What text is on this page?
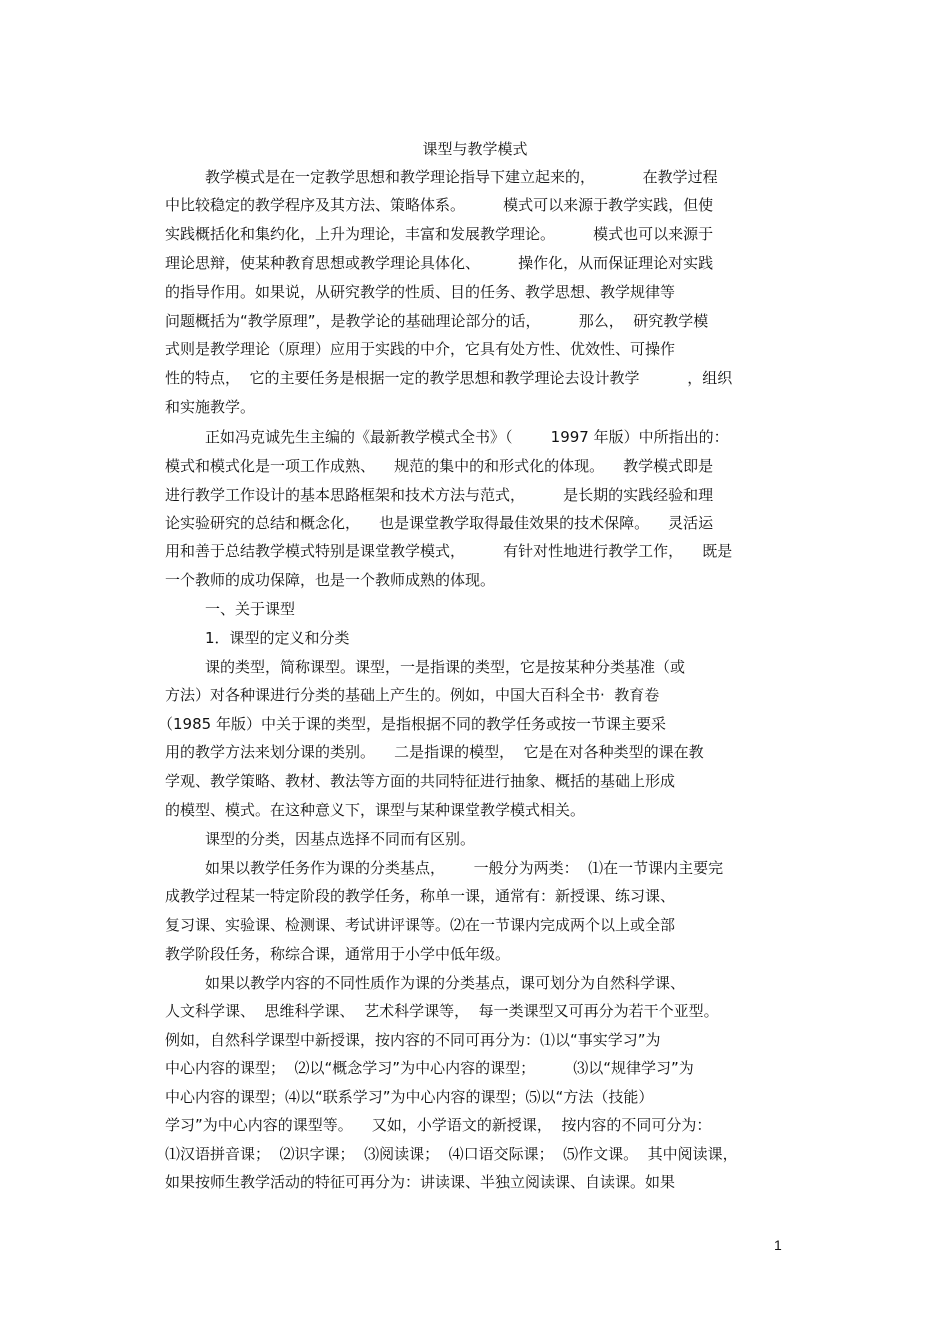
课型与教学模式
教学模式是在一定教学思想和教学理论指导下建立起来的，          在教学过程
中比较稳定的教学程序及其方法、策略体系。        模式可以来源于教学实践，但使
实践概括化和集约化，上升为理论，丰富和发展教学理论。        模式也可以来源于
理论思辩，使某种教育思想或教学理论具体化、        操作化，从而保证理论对实践
的指导作用。如果说，从研究教学的性质、目的任务、教学思想、教学规律等
问题概括为“教学原理”，是教学论的基础理论部分的话，        那么，  研究教学模
式则是教学理论（原理）应用于实践的中介，它具有处方性、优效性、可操作
性的特点，  它的主要任务是根据一定的教学思想和教学理论去设计教学          ，组织
和实施教学。
正如冯克诚先生主编的《最新教学模式全书》（        1997 年版）中所指出的：
模式和模式化是一项工作成熟、    规范的集中的和形式化的体现。    教学模式即是
进行教学工作设计的基本思路框架和技术方法与范式，        是长期的实践经验和理
论实验研究的总结和概念化，    也是课堂教学取得最佳效果的技术保障。    灵活运
用和善于总结教学模式特别是课堂教学模式，        有针对性地进行教学工作，    既是
一个教师的成功保障，也是一个教师成熟的体现。
一、关于课型
1．课型的定义和分类
课的类型，简称课型。课型，一是指课的类型，它是按某种分类基准（或
方法）对各种课进行分类的基础上产生的。例如，中国大百科全书·  教育卷
（1985 年版）中关于课的类型，是指根据不同的教学任务或按一节课主要采
用的教学方法来划分课的类别。    二是指课的模型，  它是在对各种类型的课在教
学观、教学策略、教材、教法等方面的共同特征进行抽象、概括的基础上形成
的模型、模式。在这种意义下，课型与某种课堂教学模式相关。
课型的分类，因基点选择不同而有区别。
如果以教学任务作为课的分类基点，      一般分为两类：  ⑴在一节课内主要完
成教学过程某一特定阶段的教学任务，称单一课，通常有：新授课、练习课、
复习课、实验课、检测课、考试讲评课等。⑵在一节课内完成两个以上或全部
教学阶段任务，称综合课，通常用于小学中低年级。
如果以教学内容的不同性质作为课的分类基点，课可划分为自然科学课、
人文科学课、  思维科学课、  艺术科学课等，  每一类课型又可再分为若干个亚型。
例如，自然科学课型中新授课，按内容的不同可再分为：⑴以“事实学习”为
中心内容的课型；  ⑵以“概念学习”为中心内容的课型；        ⑶以“规律学习”为
中心内容的课型；⑷以“联系学习”为中心内容的课型；⑸以“方法（技能）
学习”为中心内容的课型等。    又如，小学语文的新授课，  按内容的不同可分为：
⑴汉语拼音课；  ⑵识字课；  ⑶阅读课；  ⑷口语交际课；  ⑸作文课。  其中阅读课，
如果按师生教学活动的特征可再分为：讲读课、半独立阅读课、自读课。如果
1
